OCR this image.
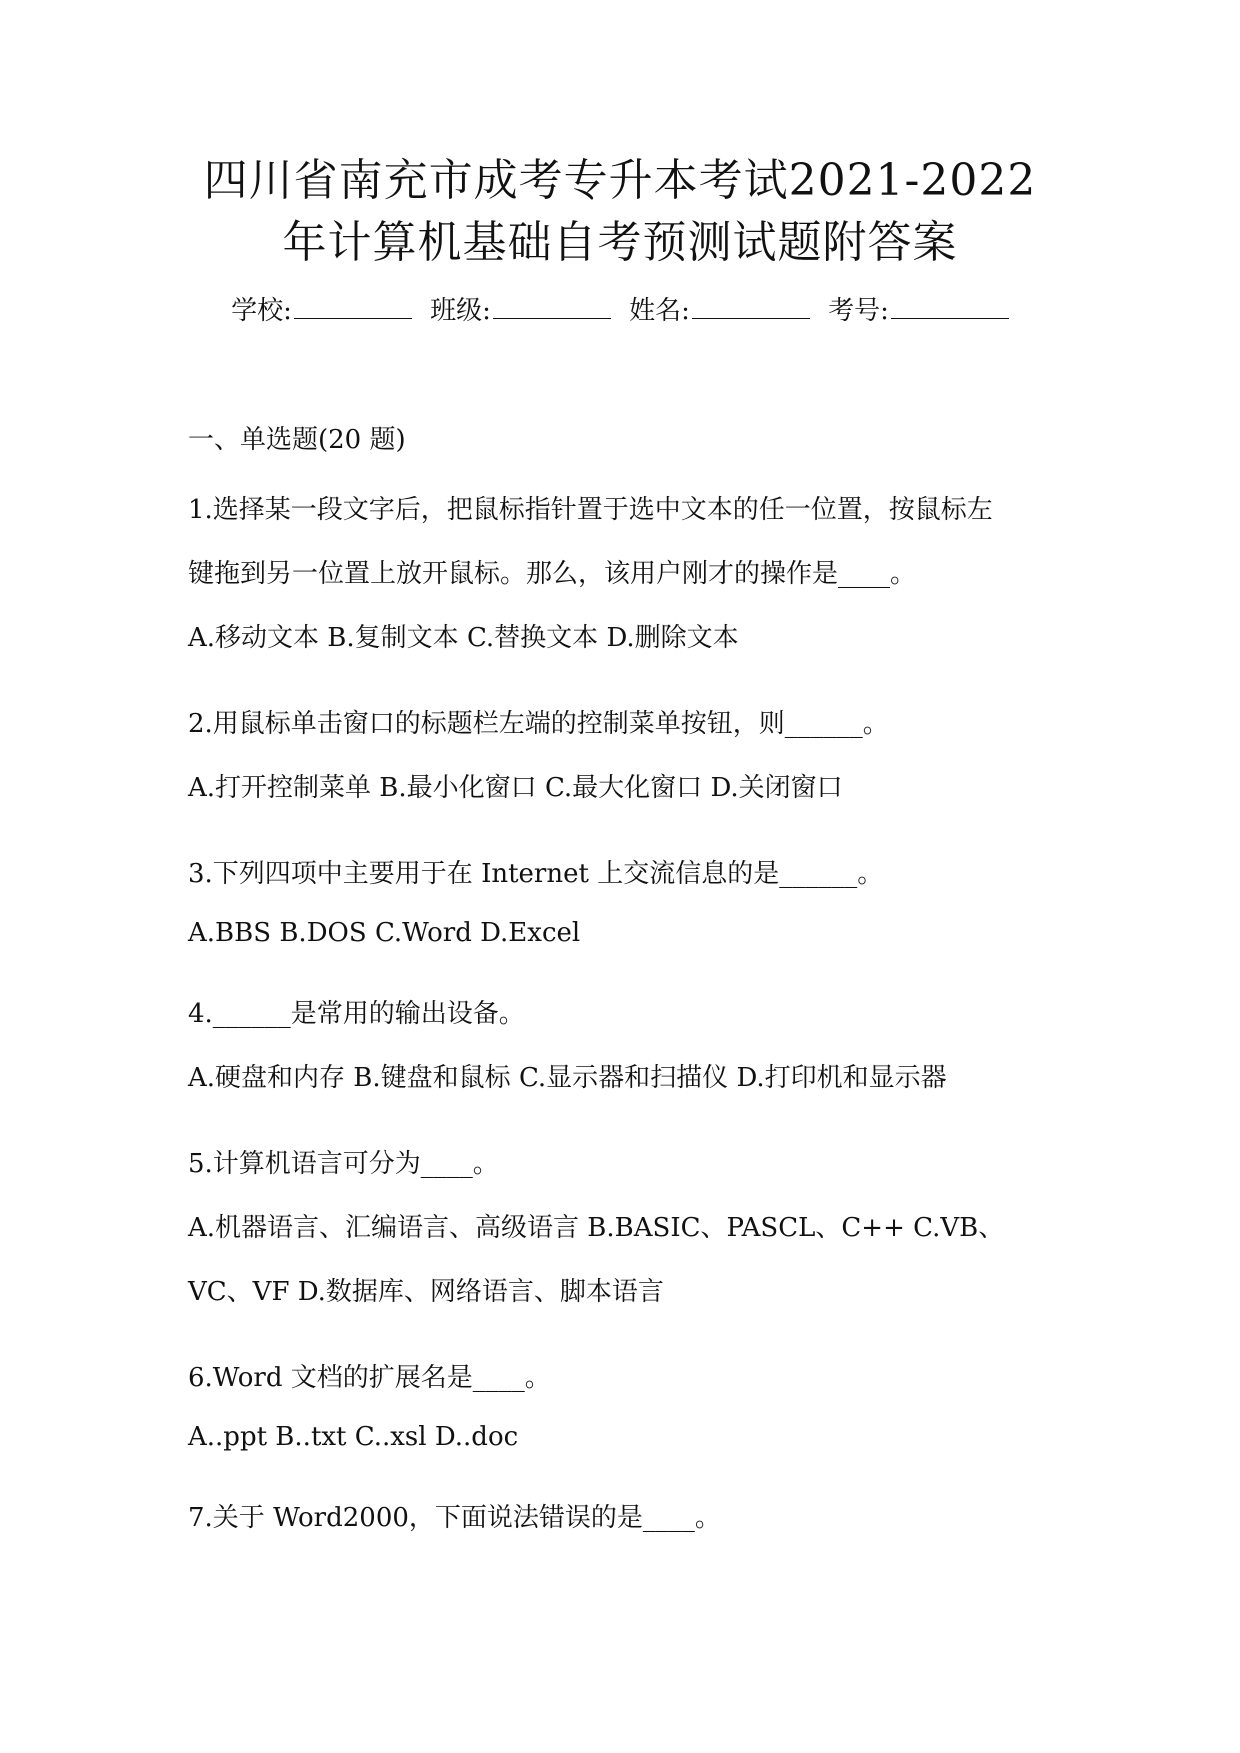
四川省南充市成考专升本考试2021-2022
年计算机基础自考预测试题附答案
学校:	班级:	姓名:	考号:
一、单选题(20 题)
1.选择某一段文字后，把鼠标指针置于选中文本的任一位置，按鼠标左
键拖到另一位置上放开鼠标。那么，该用户刚才的操作是____。
A.移动文本 B.复制文本 C.替换文本 D.删除文本
2.用鼠标单击窗口的标题栏左端的控制菜单按钮，则______。
A.打开控制菜单 B.最小化窗口 C.最大化窗口 D.关闭窗口
3.下列四项中主要用于在 Internet 上交流信息的是______。
A.BBS B.DOS C.Word D.Excel
4.______是常用的输出设备。
A.硬盘和内存 B.键盘和鼠标 C.显示器和扫描仪 D.打印机和显示器
5.计算机语言可分为____。
A.机器语言、汇编语言、高级语言 B.BASIC、PASCL、C++ C.VB、
VC、VF D.数据库、网络语言、脚本语言
6.Word 文档的扩展名是____。
A..ppt B..txt C..xsl D..doc
7.关于 Word2000，下面说法错误的是____。
